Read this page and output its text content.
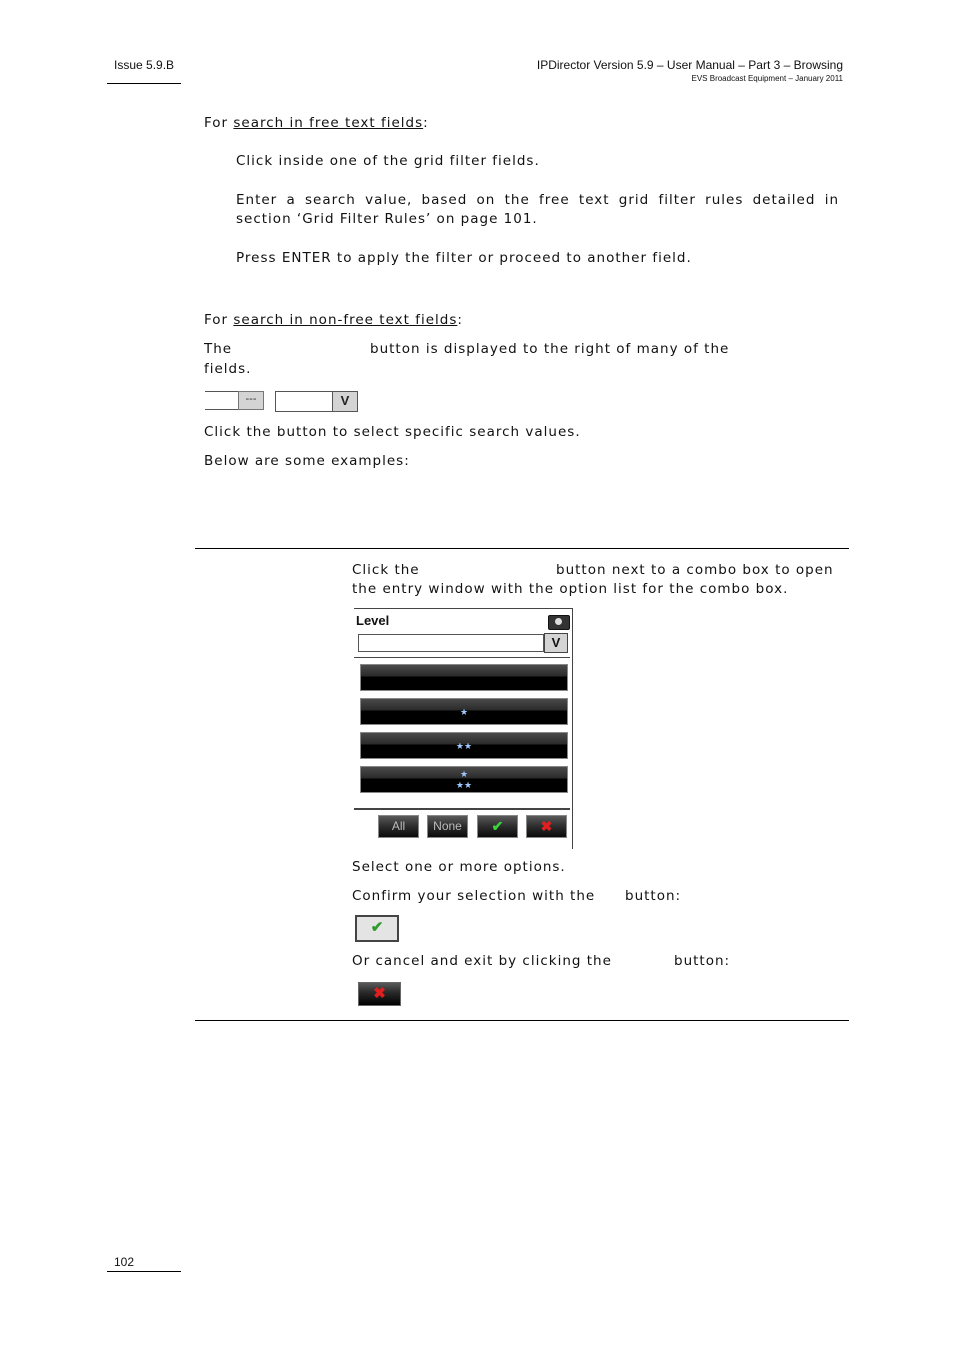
Issue 5.9.B	IPDirector Version 5.9 – User Manual – Part 3 – Browsing
EVS Broadcast Equipment – January 2011
For search in free text fields:
Click inside one of the grid filter fields.
Enter a search value, based on the free text grid filter rules detailed in section ‘Grid Filter Rules’ on page 101.
Press ENTER to apply the filter or proceed to another field.
For search in non-free text fields:
The	button is displayed to the right of many of the
fields.
---	V
Click the button to select specific search values.
Below are some examples:
Click the	button next to a combo box to open
the entry window with the option list for the combo box.
Level
V
★
★★
★
★★
All	None	✔	✖
Select one or more options.
Confirm your selection with the button:
✔
Or cancel and exit by clicking the	button:
✖
102
